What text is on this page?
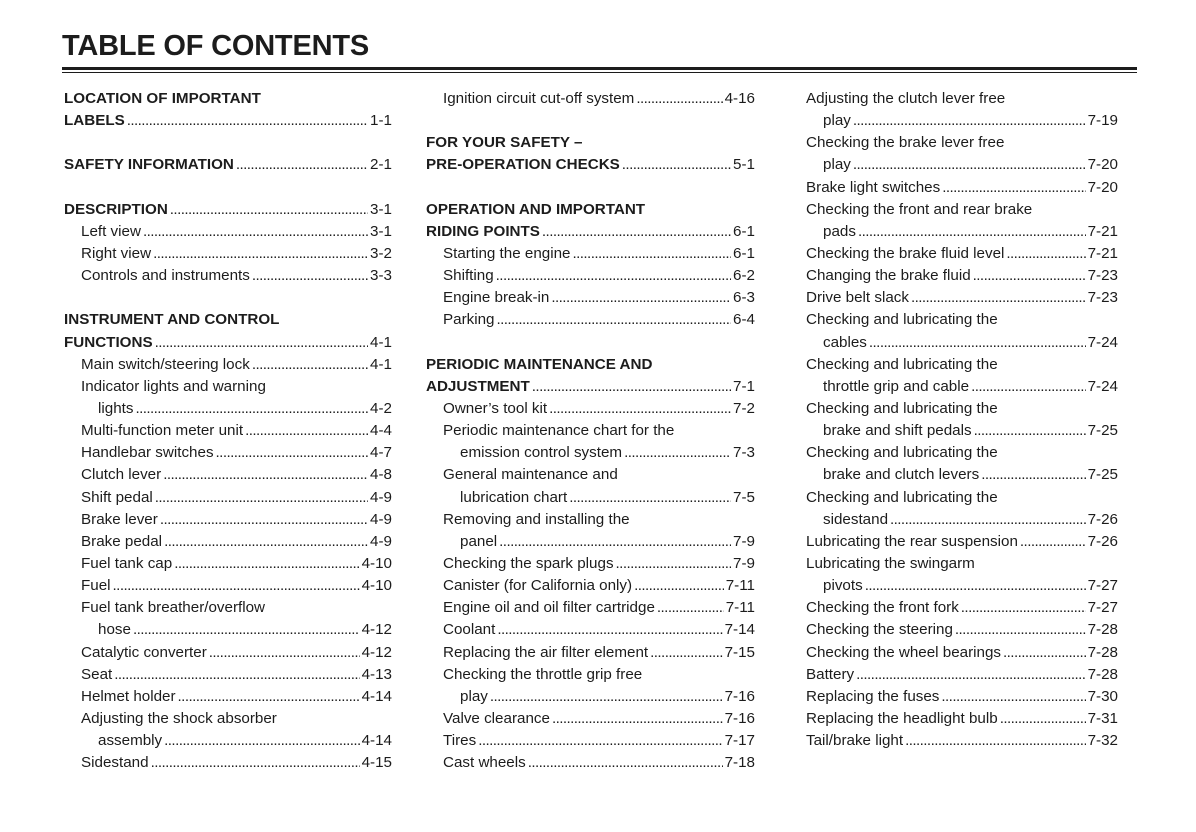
TABLE OF CONTENTS
LOCATION OF IMPORTANT
LABELS . . .	1-1
SAFETY INFORMATION . . .	2-1
DESCRIPTION . . .	3-1
Left view . . .	3-1
Right view . . .	3-2
Controls and instruments . . .	3-3
INSTRUMENT AND CONTROL
FUNCTIONS . . .	4-1
Main switch/steering lock . . .	4-1
Indicator lights and warning
lights . . .	4-2
Multi-function meter unit . . .	4-4
Handlebar switches . . .	4-7
Clutch lever . . .	4-8
Shift pedal . . .	4-9
Brake lever . . .	4-9
Brake pedal . . .	4-9
Fuel tank cap . . .	4-10
Fuel . . .	4-10
Fuel tank breather/overflow
hose . . .	4-12
Catalytic converter . . .	4-12
Seat . . .	4-13
Helmet holder . . .	4-14
Adjusting the shock absorber
assembly . . .	4-14
Sidestand . . .	4-15
Ignition circuit cut-off system . . .	4-16
FOR YOUR SAFETY –
PRE-OPERATION CHECKS . . .	5-1
OPERATION AND IMPORTANT
RIDING POINTS . . .	6-1
Starting the engine . . .	6-1
Shifting . . .	6-2
Engine break-in . . .	6-3
Parking . . .	6-4
PERIODIC MAINTENANCE AND
ADJUSTMENT . . .	7-1
Owner’s tool kit . . .	7-2
Periodic maintenance chart for the
emission control system . . .	7-3
General maintenance and
lubrication chart . . .	7-5
Removing and installing the
panel . . .	7-9
Checking the spark plugs . . .	7-9
Canister (for California only) . . .	7-11
Engine oil and oil filter cartridge . . .	7-11
Coolant . . .	7-14
Replacing the air filter element . . .	7-15
Checking the throttle grip free
play . . .	7-16
Valve clearance . . .	7-16
Tires . . .	7-17
Cast wheels . . .	7-18
Adjusting the clutch lever free
play . . .	7-19
Checking the brake lever free
play . . .	7-20
Brake light switches . . .	7-20
Checking the front and rear brake
pads . . .	7-21
Checking the brake fluid level . . .	7-21
Changing the brake fluid . . .	7-23
Drive belt slack . . .	7-23
Checking and lubricating the
cables . . .	7-24
Checking and lubricating the
throttle grip and cable . . .	7-24
Checking and lubricating the
brake and shift pedals . . .	7-25
Checking and lubricating the
brake and clutch levers . . .	7-25
Checking and lubricating the
sidestand . . .	7-26
Lubricating the rear suspension . . .	7-26
Lubricating the swingarm
pivots . . .	7-27
Checking the front fork . . .	7-27
Checking the steering . . .	7-28
Checking the wheel bearings . . .	7-28
Battery . . .	7-28
Replacing the fuses . . .	7-30
Replacing the headlight bulb . . .	7-31
Tail/brake light . . .	7-32
